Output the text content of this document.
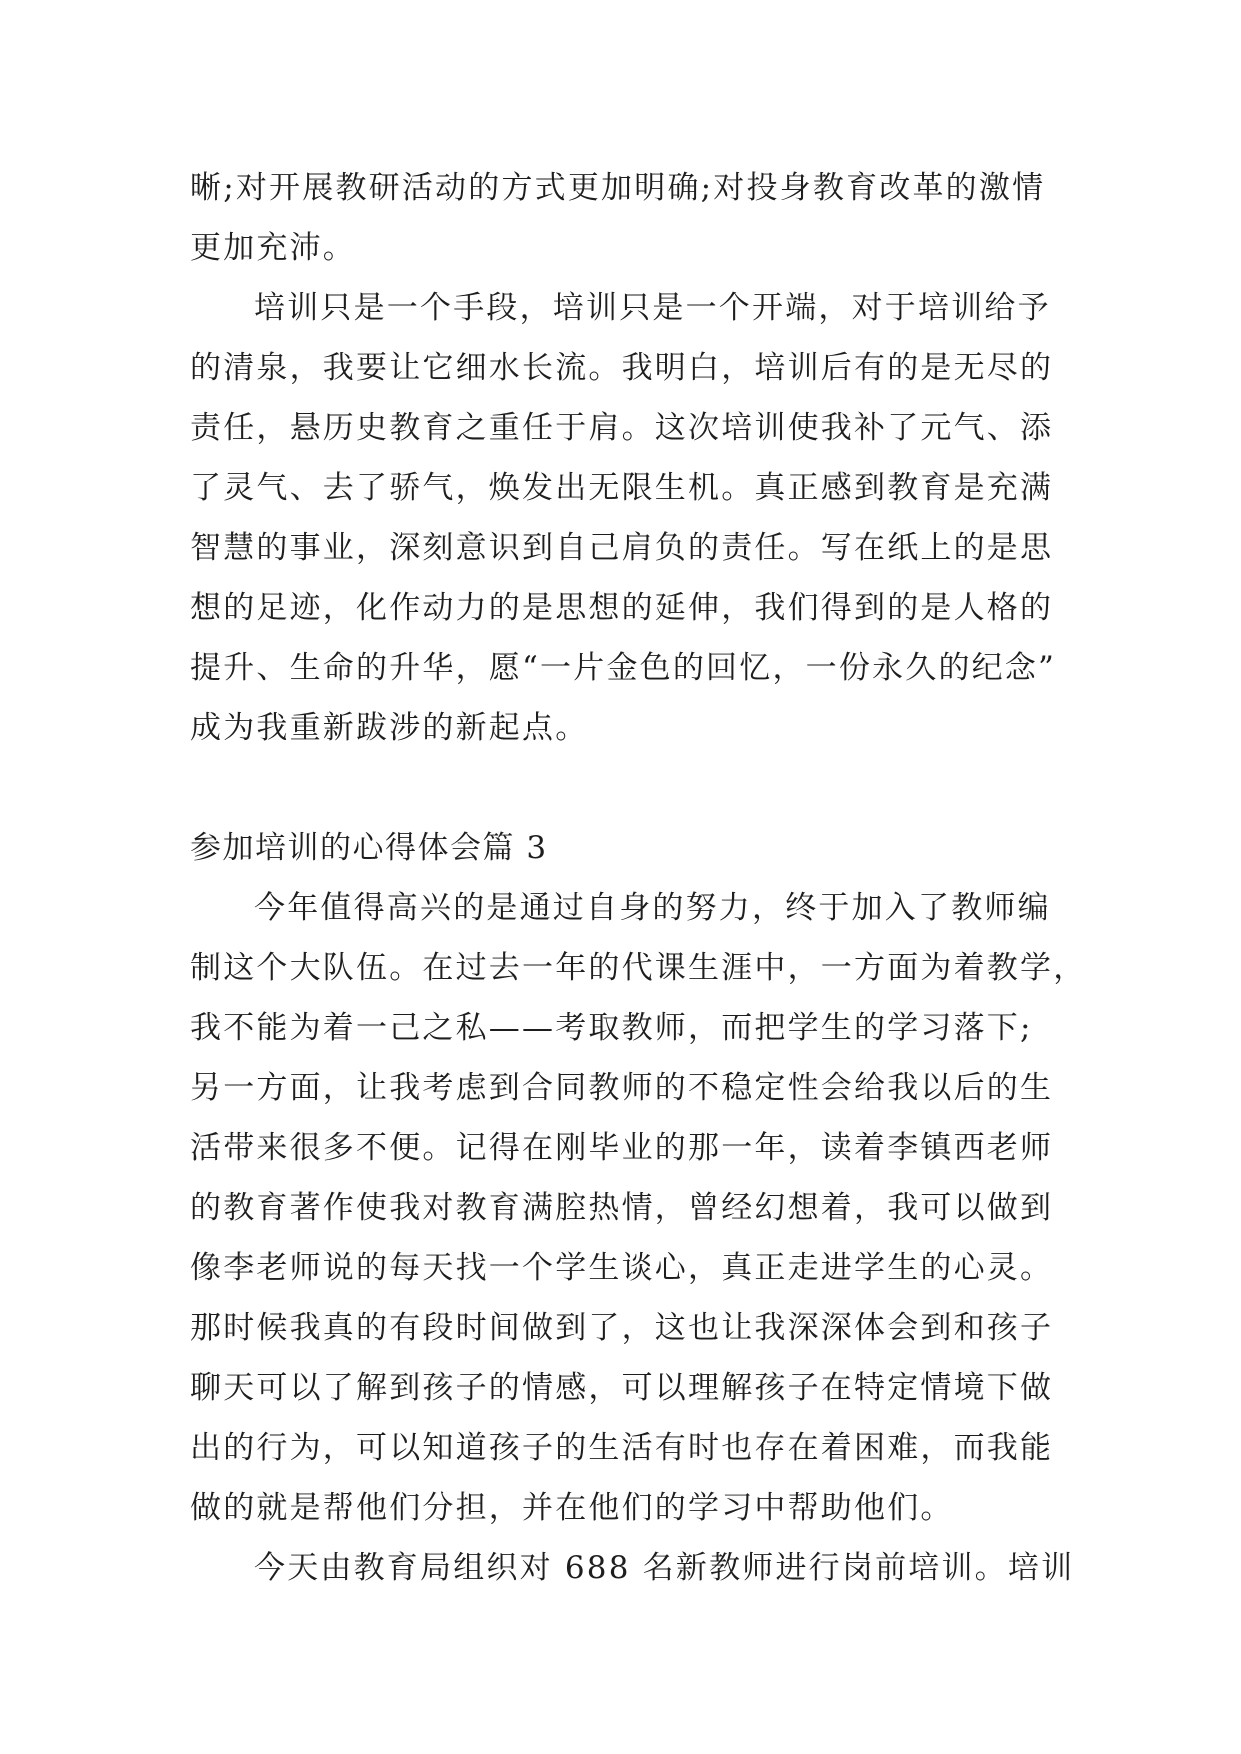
晰;对开展教研活动的方式更加明确;对投身教育改革的激情
更加充沛。
培训只是一个手段，培训只是一个开端，对于培训给予
的清泉，我要让它细水长流。我明白，培训后有的是无尽的
责任，悬历史教育之重任于肩。这次培训使我补了元气、添
了灵气、去了骄气，焕发出无限生机。真正感到教育是充满
智慧的事业，深刻意识到自己肩负的责任。写在纸上的是思
想的足迹，化作动力的是思想的延伸，我们得到的是人格的
提升、生命的升华，愿“一片金色的回忆，一份永久的纪念”
成为我重新跋涉的新起点。
参加培训的心得体会篇 3
今年值得高兴的是通过自身的努力，终于加入了教师编
制这个大队伍。在过去一年的代课生涯中，一方面为着教学，
我不能为着一己之私——考取教师，而把学生的学习落下;
另一方面，让我考虑到合同教师的不稳定性会给我以后的生
活带来很多不便。记得在刚毕业的那一年，读着李镇西老师
的教育著作使我对教育满腔热情，曾经幻想着，我可以做到
像李老师说的每天找一个学生谈心，真正走进学生的心灵。
那时候我真的有段时间做到了，这也让我深深体会到和孩子
聊天可以了解到孩子的情感，可以理解孩子在特定情境下做
出的行为，可以知道孩子的生活有时也存在着困难，而我能
做的就是帮他们分担，并在他们的学习中帮助他们。
今天由教育局组织对 688 名新教师进行岗前培训。培训
